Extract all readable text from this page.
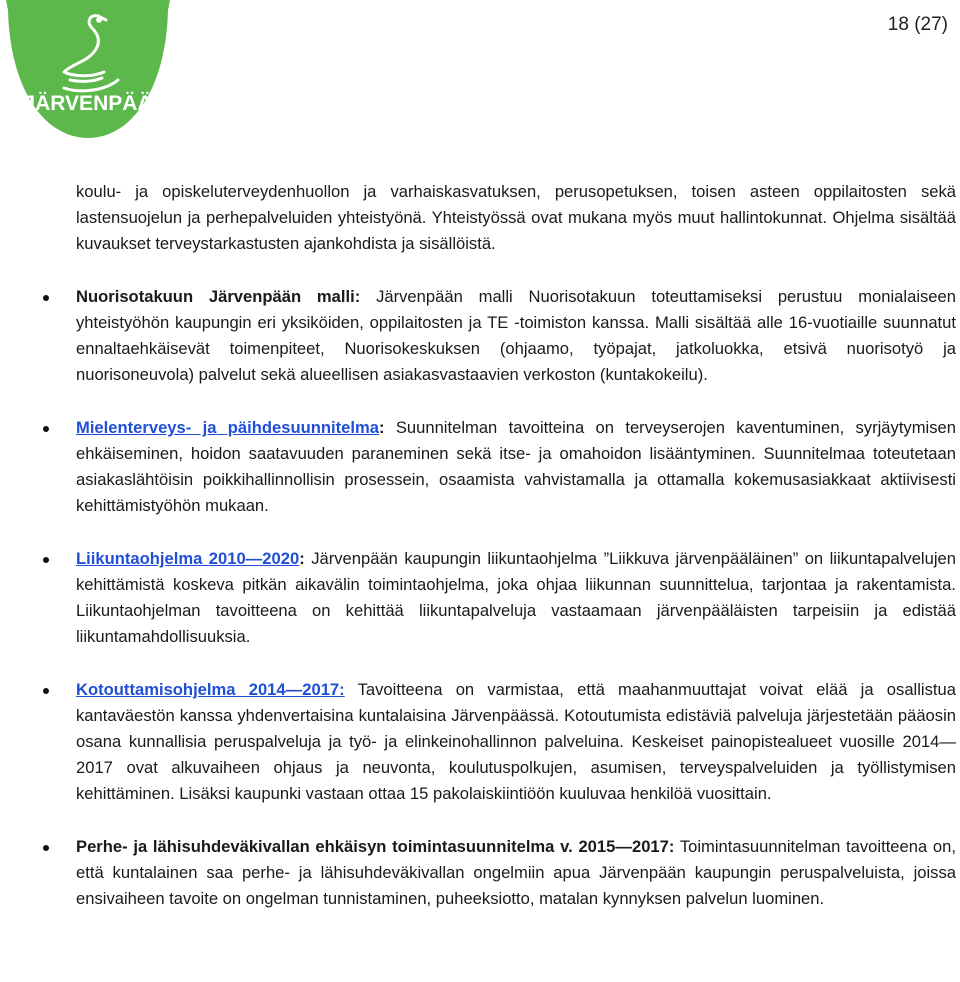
JÄRVENPÄÄ
18 (27)

koulu- ja opiskeluterveydenhuollon ja varhaiskasvatuksen, perusopetuksen, toisen asteen oppilaitosten sekä lastensuojelun ja perhepalveluiden yhteistyönä. Yhteistyössä ovat mukana myös muut hallintokunnat. Ohjelma sisältää kuvaukset terveystarkastusten ajankohdista ja sisällöistä.

Nuorisotakuun Järvenpään malli: Järvenpään malli Nuorisotakuun toteuttamiseksi perustuu monialaiseen yhteistyöhön kaupungin eri yksiköiden, oppilaitosten ja TE -toimiston kanssa. Malli sisältää alle 16-vuotiaille suunnatut ennaltaehkäisevät toimenpiteet, Nuorisokeskuksen (ohjaamo, työpajat, jatkoluokka, etsivä nuorisotyö ja nuorisoneuvola) palvelut sekä alueellisen asiakasvastaavien verkoston (kuntakokeilu).
Mielenterveys- ja päihdesuunnitelma: Suunnitelman tavoitteina on terveyserojen kaventuminen, syrjäytymisen ehkäiseminen, hoidon saatavuuden paraneminen sekä itse- ja omahoidon lisääntyminen. Suunnitelmaa toteutetaan asiakaslähtöisin poikkihallinnollisin prosessein, osaamista vahvistamalla ja ottamalla kokemusasiakkaat aktiivisesti kehittämistyöhön mukaan.
Liikuntaohjelma 2010—2020: Järvenpään kaupungin liikuntaohjelma ”Liikkuva järvenpääläinen” on liikuntapalvelujen kehittämistä koskeva pitkän aikavälin toimintaohjelma, joka ohjaa liikunnan suunnittelua, tarjontaa ja rakentamista. Liikuntaohjelman tavoitteena on kehittää liikuntapalveluja vastaamaan järvenpääläisten tarpeisiin ja edistää liikuntamahdollisuuksia.
Kotouttamisohjelma 2014—2017: Tavoitteena on varmistaa, että maahanmuuttajat voivat elää ja osallistua kantaväestön kanssa yhdenvertaisina kuntalaisina Järvenpäässä. Kotoutumista edistäviä palveluja järjestetään pääosin osana kunnallisia peruspalveluja ja työ- ja elinkeinohallinnon palveluina. Keskeiset painopistealueet vuosille 2014—2017 ovat alkuvaiheen ohjaus ja neuvonta, koulutuspolkujen, asumisen, terveyspalveluiden ja työllistymisen kehittäminen. Lisäksi kaupunki vastaan ottaa 15 pakolaiskiintiöön kuuluvaa henkilöä vuosittain.
Perhe- ja lähisuhdeväkivallan ehkäisyn toimintasuunnitelma v. 2015—2017: Toimintasuunnitelman tavoitteena on, että kuntalainen saa perhe- ja lähisuhdeväkivallan ongelmiin apua Järvenpään kaupungin peruspalveluista, joissa ensivaiheen tavoite on ongelman tunnistaminen, puheeksiotto, matalan kynnyksen palvelun luominen.
